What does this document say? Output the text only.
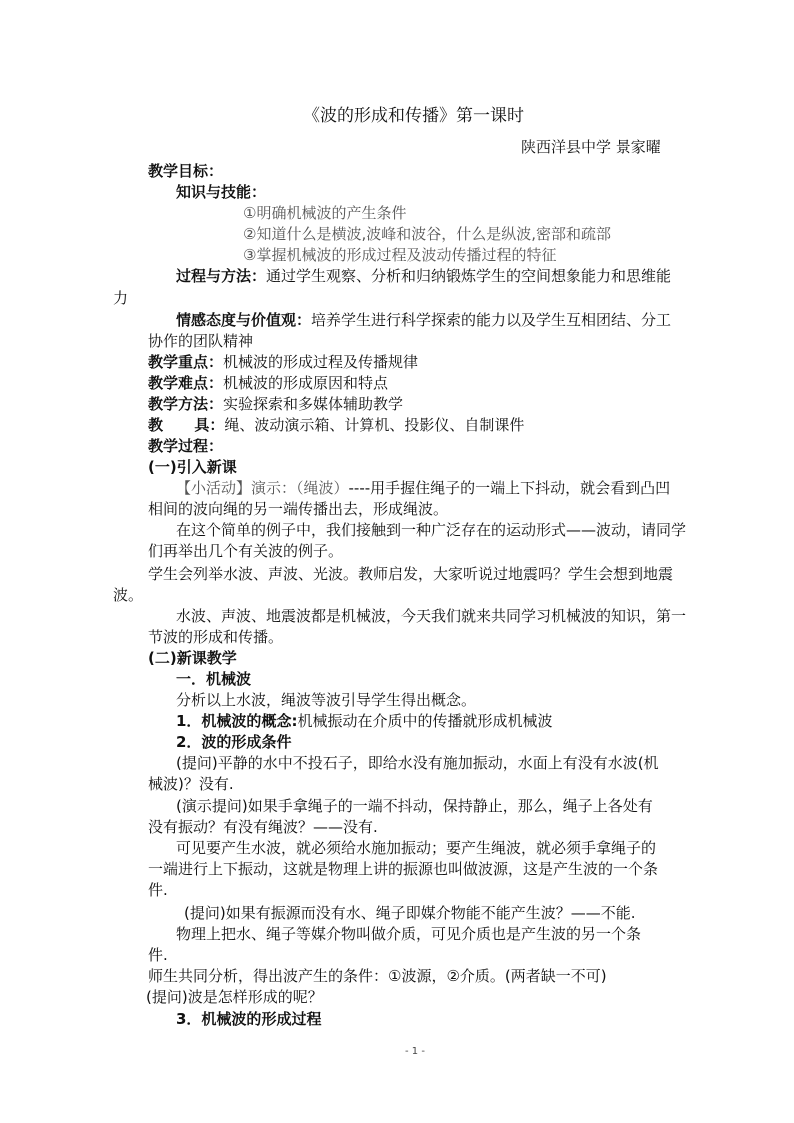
《波的形成和传播》第一课时
陕西洋县中学 景家曜
教学目标：
知识与技能：
①明确机械波的产生条件
②知道什么是横波,波峰和波谷，什么是纵波,密部和疏部
③掌握机械波的形成过程及波动传播过程的特征
过程与方法：通过学生观察、分析和归纳锻炼学生的空间想象能力和思维能
力
情感态度与价值观：培养学生进行科学探索的能力以及学生互相团结、分工
协作的团队精神
教学重点：机械波的形成过程及传播规律
教学难点：机械波的形成原因和特点
教学方法：实验探索和多媒体辅助教学
教      具：绳、波动演示箱、计算机、投影仪、自制课件
教学过程：
(一)引入新课
【小活动】演示：（绳波）----用手握住绳子的一端上下抖动，就会看到凸凹
相间的波向绳的另一端传播出去，形成绳波。
在这个简单的例子中，我们接触到一种广泛存在的运动形式——波动，请同学
们再举出几个有关波的例子。
学生会列举水波、声波、光波。教师启发，大家听说过地震吗？学生会想到地震
波。
水波、声波、地震波都是机械波，今天我们就来共同学习机械波的知识，第一
节波的形成和传播。
(二)新课教学
一．机械波
分析以上水波，绳波等波引导学生得出概念。
1．机械波的概念:机械振动在介质中的传播就形成机械波
2．波的形成条件
(提问)平静的水中不投石子，即给水没有施加振动，水面上有没有水波(机
械波)？没有.
(演示提问)如果手拿绳子的一端不抖动，保持静止，那么，绳子上各处有
没有振动？有没有绳波？——没有.
可见要产生水波，就必须给水施加振动；要产生绳波，就必须手拿绳子的
一端进行上下振动，这就是物理上讲的振源也叫做波源，这是产生波的一个条
件.
(提问)如果有振源而没有水、绳子即媒介物能不能产生波？——不能.
物理上把水、绳子等媒介物叫做介质，可见介质也是产生波的另一个条
件.
师生共同分析，得出波产生的条件：①波源，②介质。(两者缺一不可)
(提问)波是怎样形成的呢？
3．机械波的形成过程
- 1 -
